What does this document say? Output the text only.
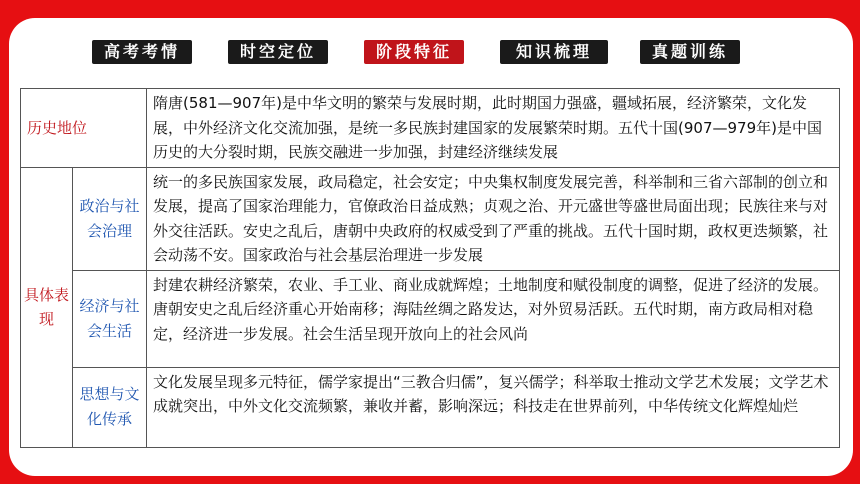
高考考情	时空定位	阶段特征	知识梳理	真题训练
历史地位		隋唐(581—907年)是中华文明的繁荣与发展时期，此时期国力强盛，疆域拓展，经济繁荣，文化发展，中外经济文化交流加强，是统一多民族封建国家的发展繁荣时期。五代十国(907—979年)是中国历史的大分裂时期，民族交融进一步加强，封建经济继续发展
具体表现	政治与社会治理	统一的多民族国家发展，政局稳定，社会安定；中央集权制度发展完善，科举制和三省六部制的创立和发展，提高了国家治理能力，官僚政治日益成熟；贞观之治、开元盛世等盛世局面出现；民族往来与对外交往活跃。安史之乱后，唐朝中央政府的权威受到了严重的挑战。五代十国时期，政权更迭频繁，社会动荡不安。国家政治与社会基层治理进一步发展
	经济与社会生活	封建农耕经济繁荣，农业、手工业、商业成就辉煌；土地制度和赋役制度的调整，促进了经济的发展。唐朝安史之乱后经济重心开始南移；海陆丝绸之路发达，对外贸易活跃。五代时期，南方政局相对稳定，经济进一步发展。社会生活呈现开放向上的社会风尚
	思想与文化传承	文化发展呈现多元特征，儒学家提出“三教合归儒”，复兴儒学；科举取士推动文学艺术发展；文学艺术成就突出，中外文化交流频繁，兼收并蓄，影响深远；科技走在世界前列，中华传统文化辉煌灿烂
